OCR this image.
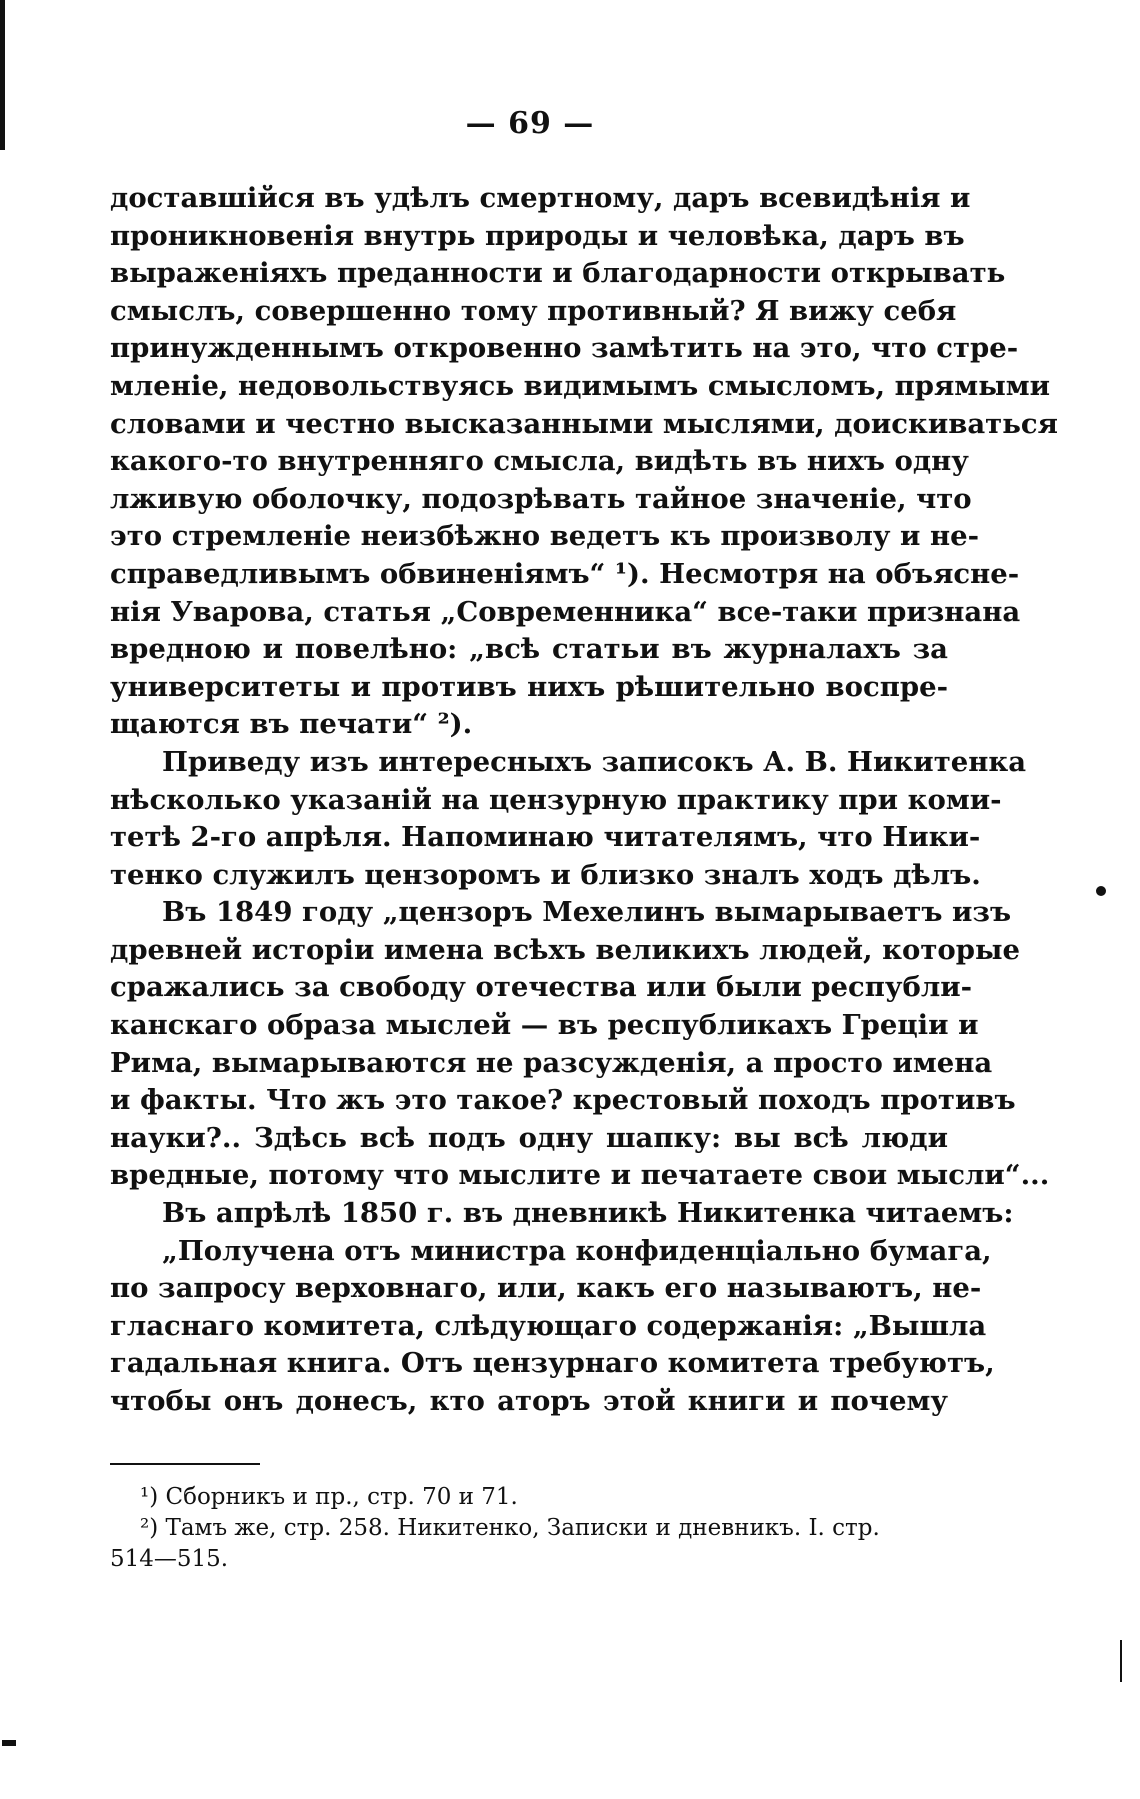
— 69 —
доставшійся въ удѣлъ смертному, даръ всевидѣнія и
проникновенія внутрь природы и человѣка, даръ въ
выраженіяхъ преданности и благодарности открывать
смыслъ, совершенно тому противный? Я вижу себя
принужденнымъ откровенно замѣтить на это, что стре-
мленіе, недовольствуясь видимымъ смысломъ, прямыми
словами и честно высказанными мыслями, доискиваться
какого-то внутренняго смысла, видѣть въ нихъ одну
лживую оболочку, подозрѣвать тайное значеніе, что
это стремленіе неизбѣжно ведетъ къ произволу и не-
справедливымъ обвиненіямъ“ ¹). Несмотря на объясне-
нія Уварова, статья „Современника“ все-таки признана
вредною и повелѣно: „всѣ статьи въ журналахъ за
университеты и противъ нихъ рѣшительно воспре-
щаются въ печати“ ²).
Приведу изъ интересныхъ записокъ А. В. Никитенка
нѣсколько указаній на цензурную практику при коми-
тетѣ 2-го апрѣля. Напоминаю читателямъ, что Ники-
тенко служилъ цензоромъ и близко зналъ ходъ дѣлъ.
Въ 1849 году „цензоръ Мехелинъ вымарываетъ изъ
древней исторіи имена всѣхъ великихъ людей, которые
сражались за свободу отечества или были республи-
канскаго образа мыслей — въ республикахъ Греціи и
Рима, вымарываются не разсужденія, а просто имена
и факты. Что жъ это такое? крестовый походъ противъ
науки?.. Здѣсь всѣ подъ одну шапку: вы всѣ люди
вредные, потому что мыслите и печатаете свои мысли“...
Въ апрѣлѣ 1850 г. въ дневникѣ Никитенка читаемъ:
„Получена отъ министра конфиденціально бумага,
по запросу верховнаго, или, какъ его называютъ, не-
гласнаго комитета, слѣдующаго содержанія: „Вышла
гадальная книга. Отъ цензурнаго комитета требуютъ,
чтобы онъ донесъ, кто аторъ этой книги и почему
¹) Сборникъ и пр., стр. 70 и 71.
²) Тамъ же, стр. 258. Никитенко, Записки и дневникъ. I. стр.
514—515.
